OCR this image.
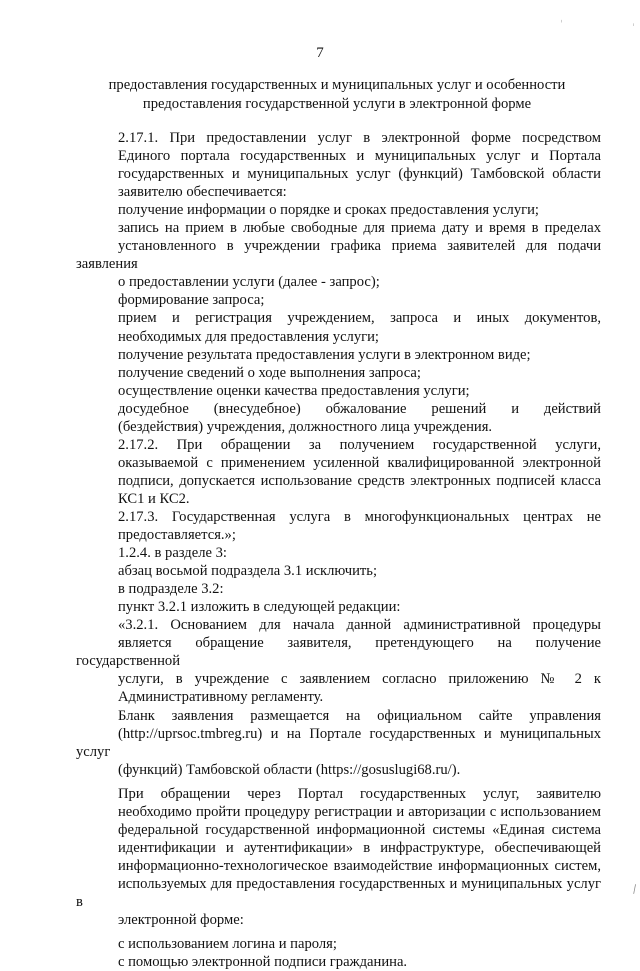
ˌ
ˈ
7
предоставления государственных и муниципальных услуг и особенности
предоставления государственной услуги в электронной форме

2.17.1. При предоставлении услуг в электронной форме посредством
Единого портала государственных и муниципальных услуг и Портала
государственных и муниципальных услуг (функций) Тамбовской области
заявителю обеспечивается:

получение информации о порядке и сроках предоставления услуги;

запись на прием в любые свободные для приема дату и время в пределах
установленного в учреждении графика приема заявителей для подачи заявления
о предоставлении услуги (далее - запрос);

формирование запроса;

прием и регистрация учреждением, запроса и иных документов,
необходимых для предоставления услуги;

получение результата предоставления услуги в электронном виде;

получение сведений о ходе выполнения запроса;

осуществление оценки качества предоставления услуги;

досудебное (внесудебное) обжалование решений и действий
(бездействия) учреждения, должностного лица учреждения.

2.17.2. При обращении за получением государственной услуги,
оказываемой с применением усиленной квалифицированной электронной
подписи, допускается использование средств электронных подписей класса
КС1 и КС2.

2.17.3. Государственная услуга в многофункциональных центрах не
предоставляется.»;

1.2.4. в разделе 3:

абзац восьмой подраздела 3.1 исключить;

в подразделе 3.2:

пункт 3.2.1 изложить в следующей редакции:

«3.2.1. Основанием для начала данной административной процедуры
является обращение заявителя, претендующего на получение государственной
услуги, в учреждение с заявлением согласно приложению № 2 к
Административному регламенту.

Бланк заявления размещается на официальном сайте управления
(http://uprsoc.tmbreg.ru) и на Портале государственных и муниципальных услуг
(функций) Тамбовской области (https://gosuslugi68.ru/).

При обращении через Портал государственных услуг, заявителю
необходимо пройти процедуру регистрации и авторизации с использованием
федеральной государственной информационной системы «Единая система
идентификации и аутентификации» в инфраструктуре, обеспечивающей
информационно-технологическое взаимодействие информационных систем,
используемых для предоставления государственных и муниципальных услуг в
электронной форме:

с использованием логина и пароля;

с помощью электронной подписи гражданина.

⁄
